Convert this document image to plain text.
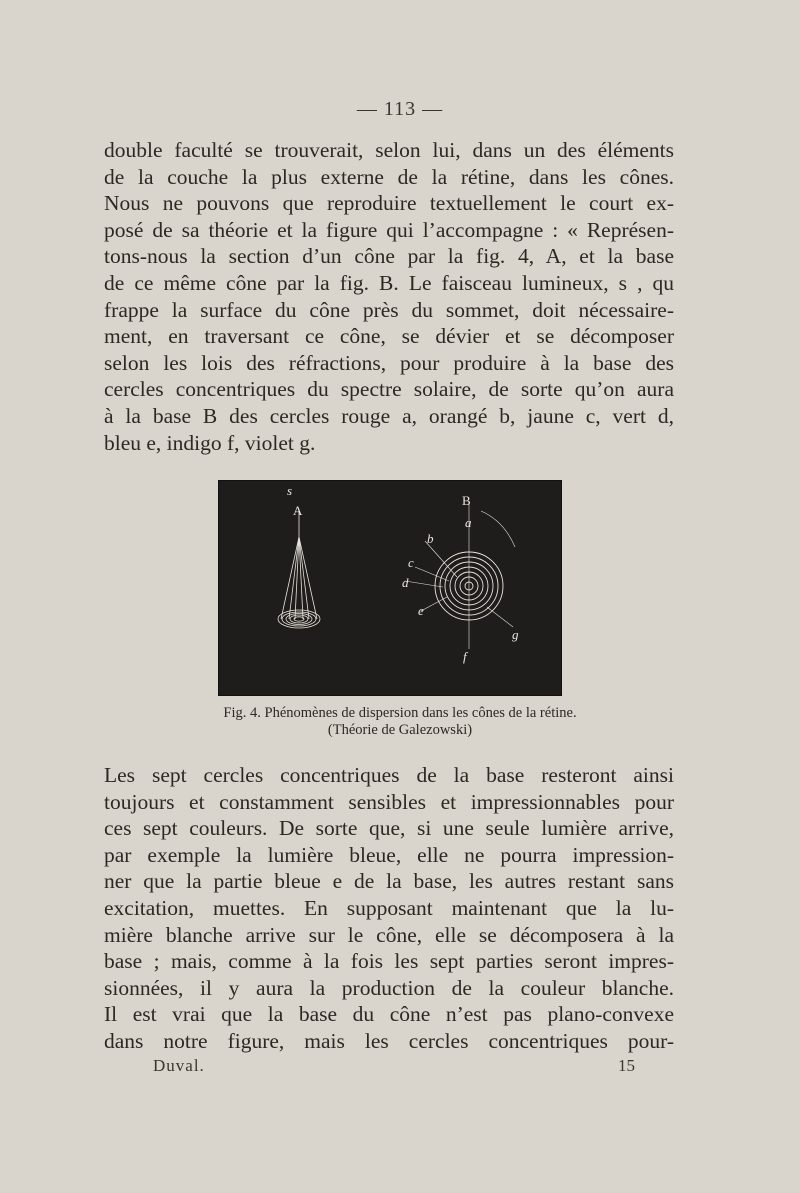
— 113 —
double faculté se trouverait, selon lui, dans un des éléments
de la couche la plus externe de la rétine, dans les cônes.
Nous ne pouvons que reproduire textuellement le court ex-
posé de sa théorie et la figure qui l’accompagne : « Représen-
tons-nous la section d’un cône par la fig. 4, A, et la base
de ce même cône par la fig. B. Le faisceau lumineux, s , qu
frappe la surface du cône près du sommet, doit nécessaire-
ment, en traversant ce cône, se dévier et se décomposer
selon les lois des réfractions, pour produire à la base des
cercles concentriques du spectre solaire, de sorte qu’on aura
à la base B des cercles rouge a, orangé b, jaune c, vert d,
bleu e, indigo f, violet g.
s
A
B
a
b
c
d
e
f
g
Fig. 4. Phénomènes de dispersion dans les cônes de la rétine.
(Théorie de Galezowski)
Les sept cercles concentriques de la base resteront ainsi
toujours et constamment sensibles et impressionnables pour
ces sept couleurs. De sorte que, si une seule lumière arrive,
par exemple la lumière bleue, elle ne pourra impression-
ner que la partie bleue e de la base, les autres restant sans
excitation, muettes. En supposant maintenant que la lu-
mière blanche arrive sur le cône, elle se décomposera à la
base ; mais, comme à la fois les sept parties seront impres-
sionnées, il y aura la production de la couleur blanche.
Il est vrai que la base du cône n’est pas plano-convexe
dans notre figure, mais les cercles concentriques pour-
Duval.	15
